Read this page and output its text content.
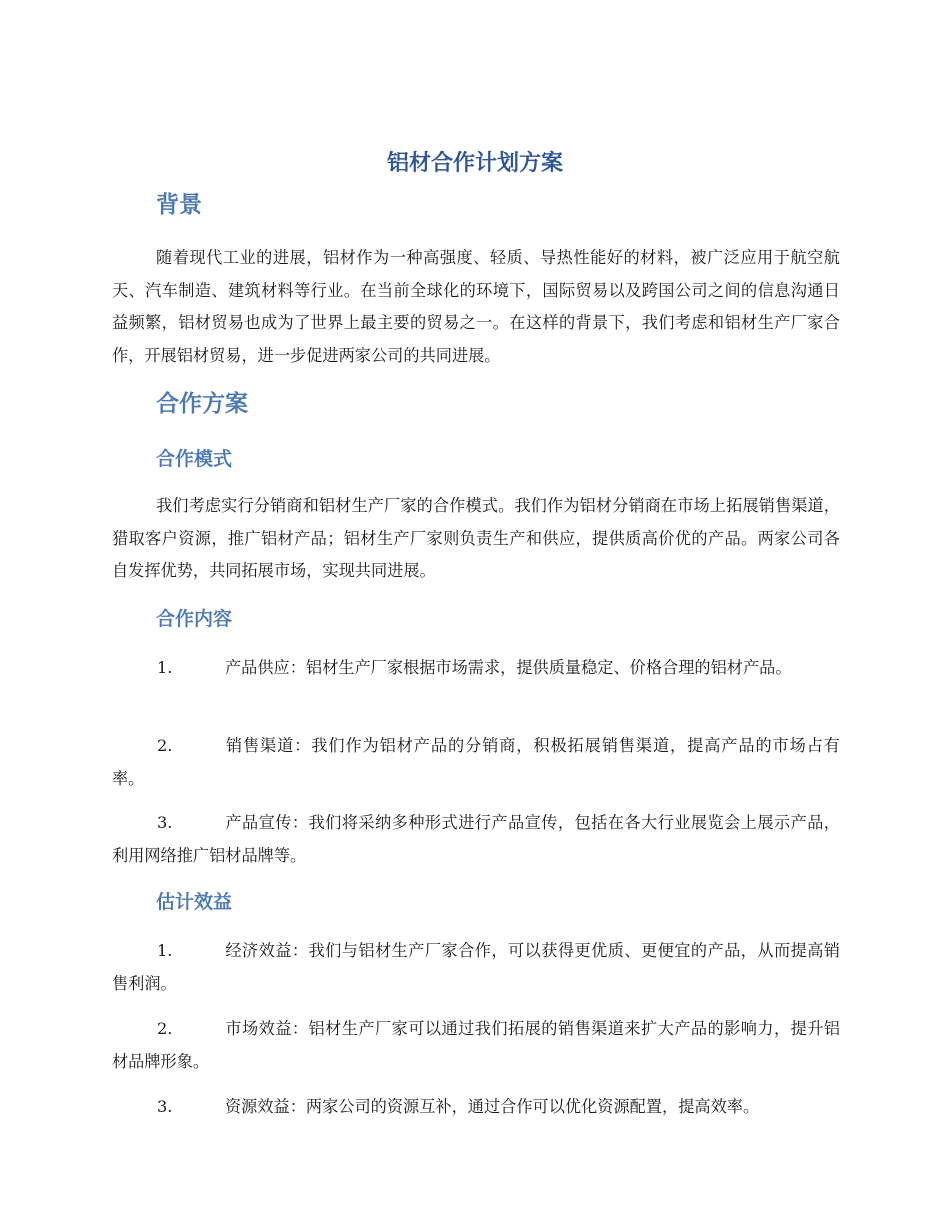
铝材合作计划方案
背景

随着现代工业的进展，铝材作为一种高强度、轻质、导热性能好的材料，被广泛应用于航空航天、汽车制造、建筑材料等行业。在当前全球化的环境下，国际贸易以及跨国公司之间的信息沟通日益频繁，铝材贸易也成为了世界上最主要的贸易之一。在这样的背景下，我们考虑和铝材生产厂家合作，开展铝材贸易，进一步促进两家公司的共同进展。

合作方案
合作模式

我们考虑实行分销商和铝材生产厂家的合作模式。我们作为铝材分销商在市场上拓展销售渠道，猎取客户资源，推广铝材产品；铝材生产厂家则负责生产和供应，提供质高价优的产品。两家公司各自发挥优势，共同拓展市场，实现共同进展。

合作内容

1.	产品供应：铝材生产厂家根据市场需求，提供质量稳定、价格合理的铝材产品。

2.	销售渠道：我们作为铝材产品的分销商，积极拓展销售渠道，提高产品的市场占有率。

3.	产品宣传：我们将采纳多种形式进行产品宣传，包括在各大行业展览会上展示产品，利用网络推广铝材品牌等。

估计效益

1.	经济效益：我们与铝材生产厂家合作，可以获得更优质、更便宜的产品，从而提高销售利润。

2.	市场效益：铝材生产厂家可以通过我们拓展的销售渠道来扩大产品的影响力，提升铝材品牌形象。

3.	资源效益：两家公司的资源互补，通过合作可以优化资源配置，提高效率。
